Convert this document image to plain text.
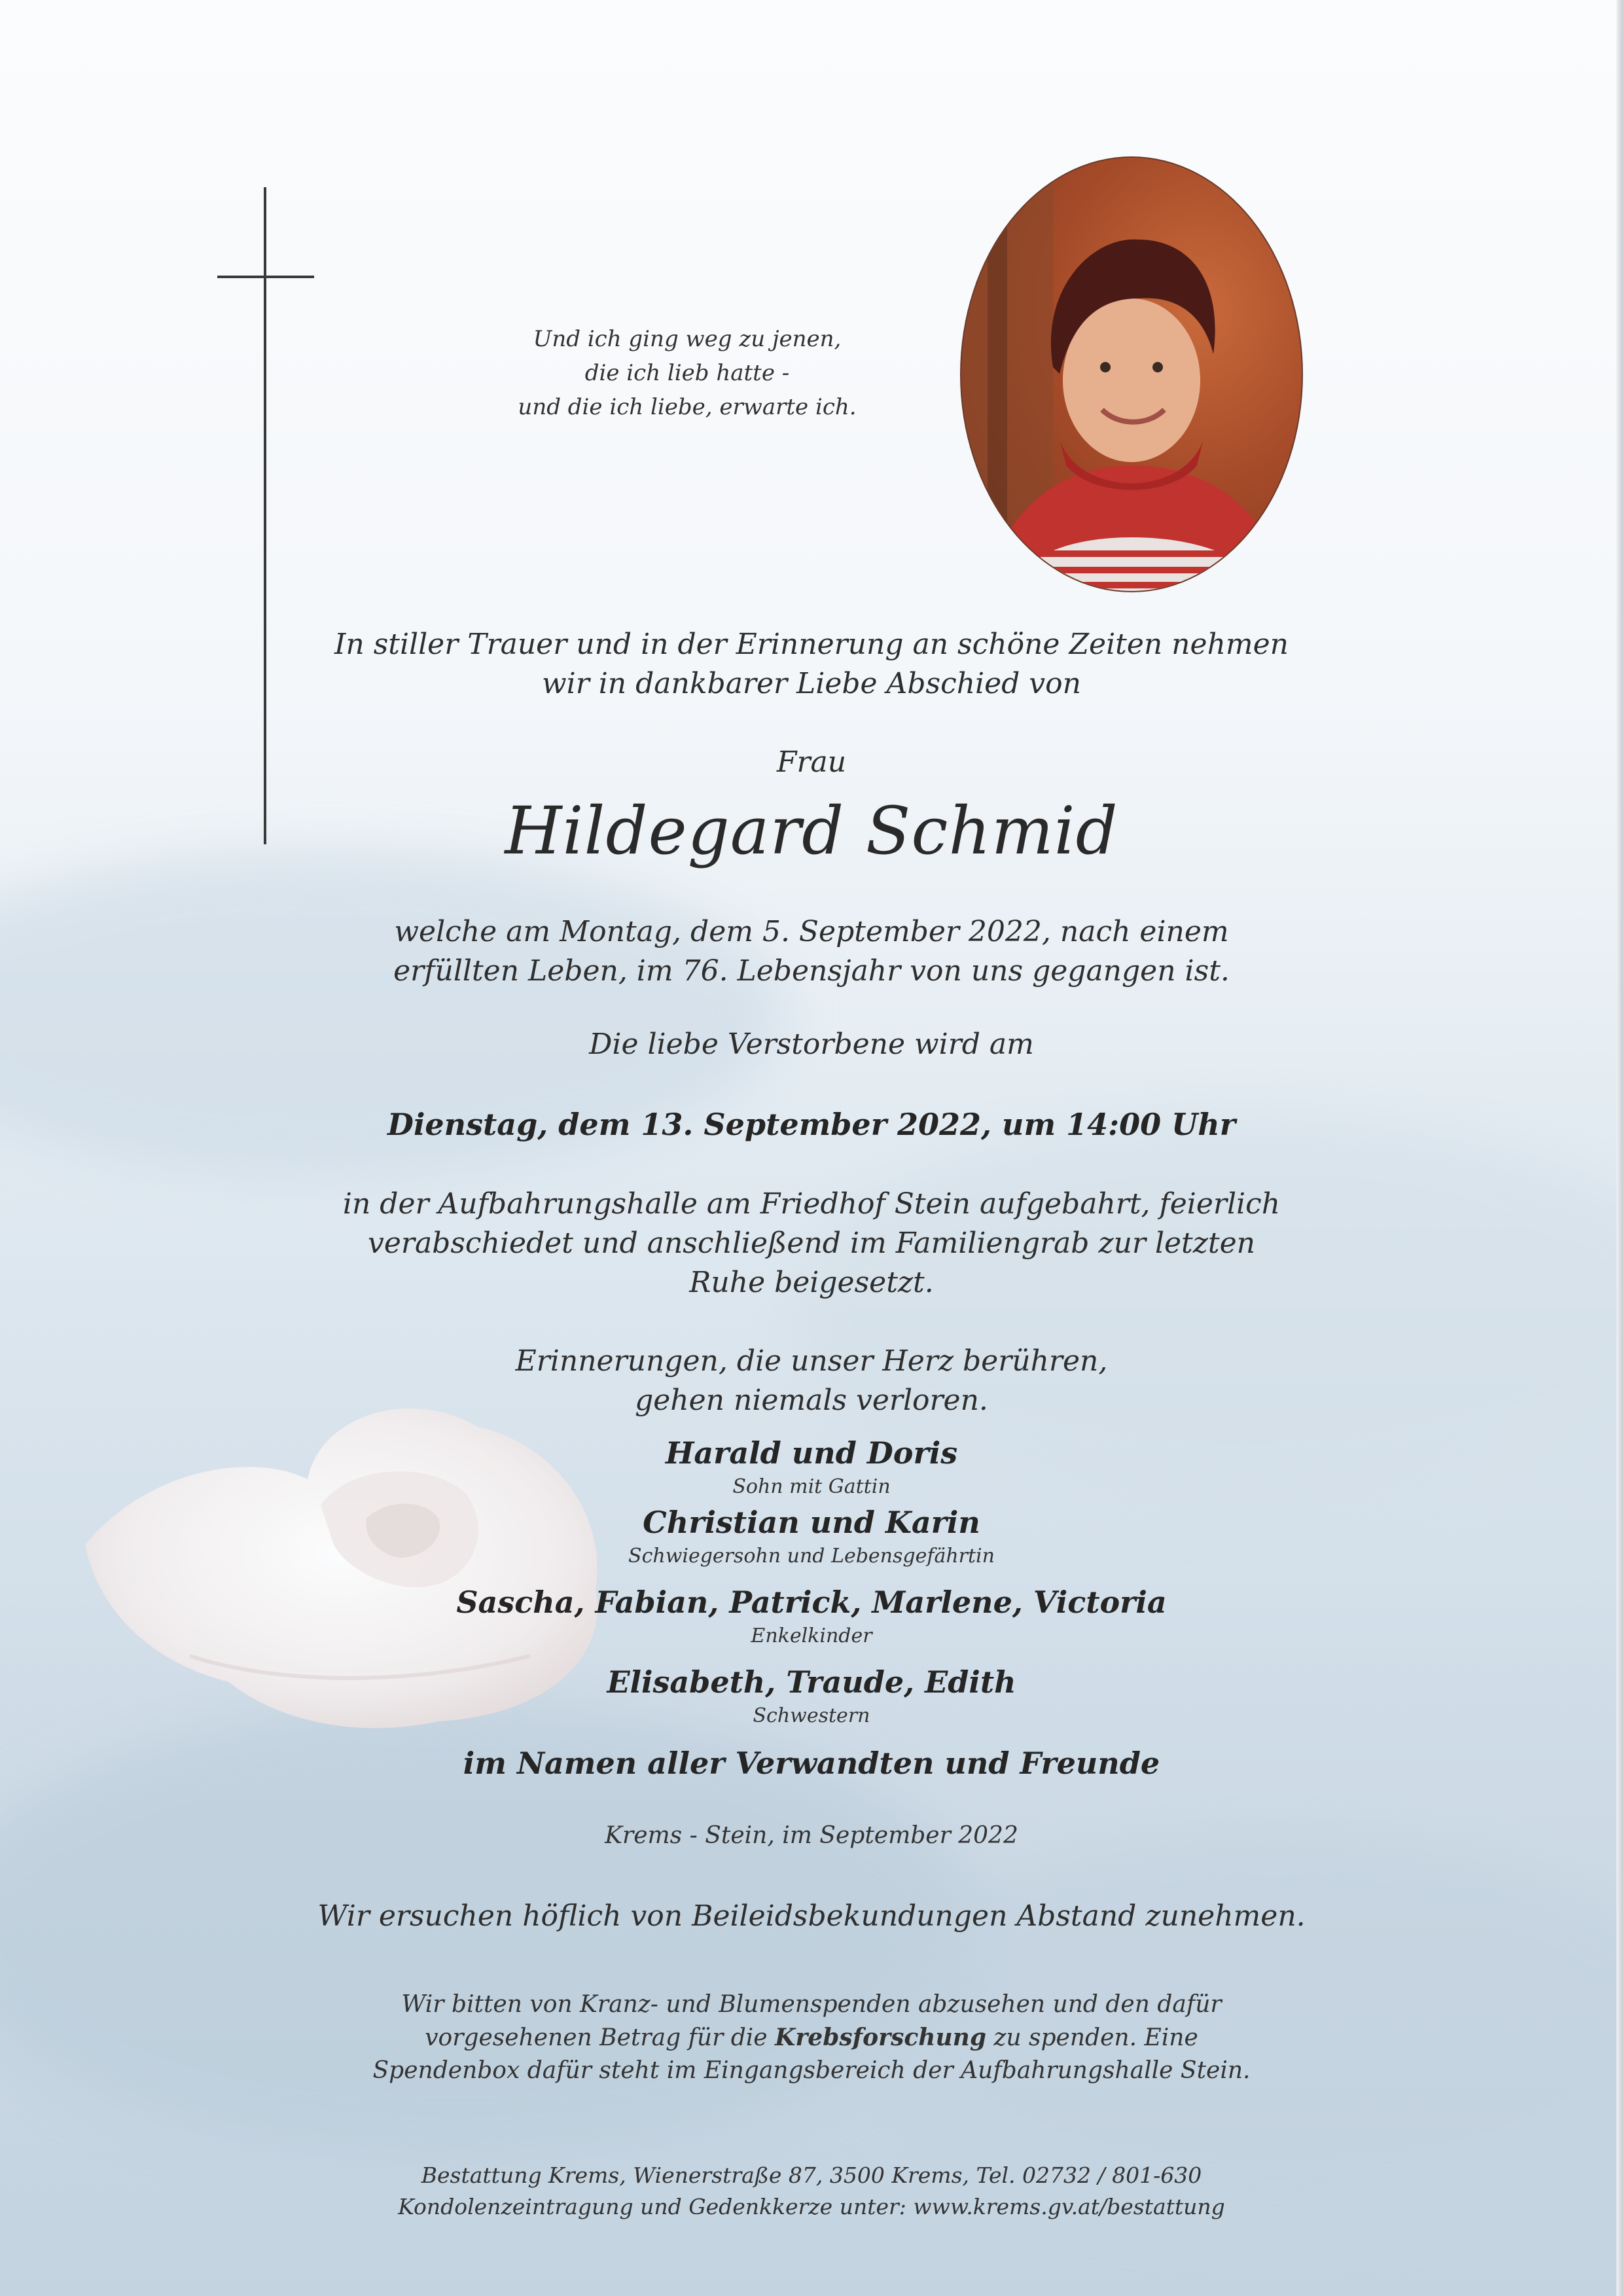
Und ich ging weg zu jenen,
die ich lieb hatte -
und die ich liebe, erwarte ich.
In stiller Trauer und in der Erinnerung an schöne Zeiten nehmen
wir in dankbarer Liebe Abschied von
Frau
Hildegard Schmid
welche am Montag, dem 5. September 2022, nach einem
erfüllten Leben, im 76. Lebensjahr von uns gegangen ist.
Die liebe Verstorbene wird am
Dienstag, dem 13. September 2022, um 14:00 Uhr
in der Aufbahrungshalle am Friedhof Stein aufgebahrt, feierlich
verabschiedet und anschließend im Familiengrab zur letzten
Ruhe beigesetzt.
Erinnerungen, die unser Herz berühren,
gehen niemals verloren.
Harald und Doris
Sohn mit Gattin
Christian und Karin
Schwiegersohn und Lebensgefährtin
Sascha, Fabian, Patrick, Marlene, Victoria
Enkelkinder
Elisabeth, Traude, Edith
Schwestern
im Namen aller Verwandten und Freunde
Krems - Stein, im September 2022
Wir ersuchen höflich von Beileidsbekundungen Abstand zunehmen.
Wir bitten von Kranz- und Blumenspenden abzusehen und den dafür
vorgesehenen Betrag für die Krebsforschung zu spenden. Eine
Spendenbox dafür steht im Eingangsbereich der Aufbahrungshalle Stein.
Bestattung Krems, Wienerstraße 87, 3500 Krems, Tel. 02732 / 801-630
Kondolenzeintragung und Gedenkkerze unter: www.krems.gv.at/bestattung
